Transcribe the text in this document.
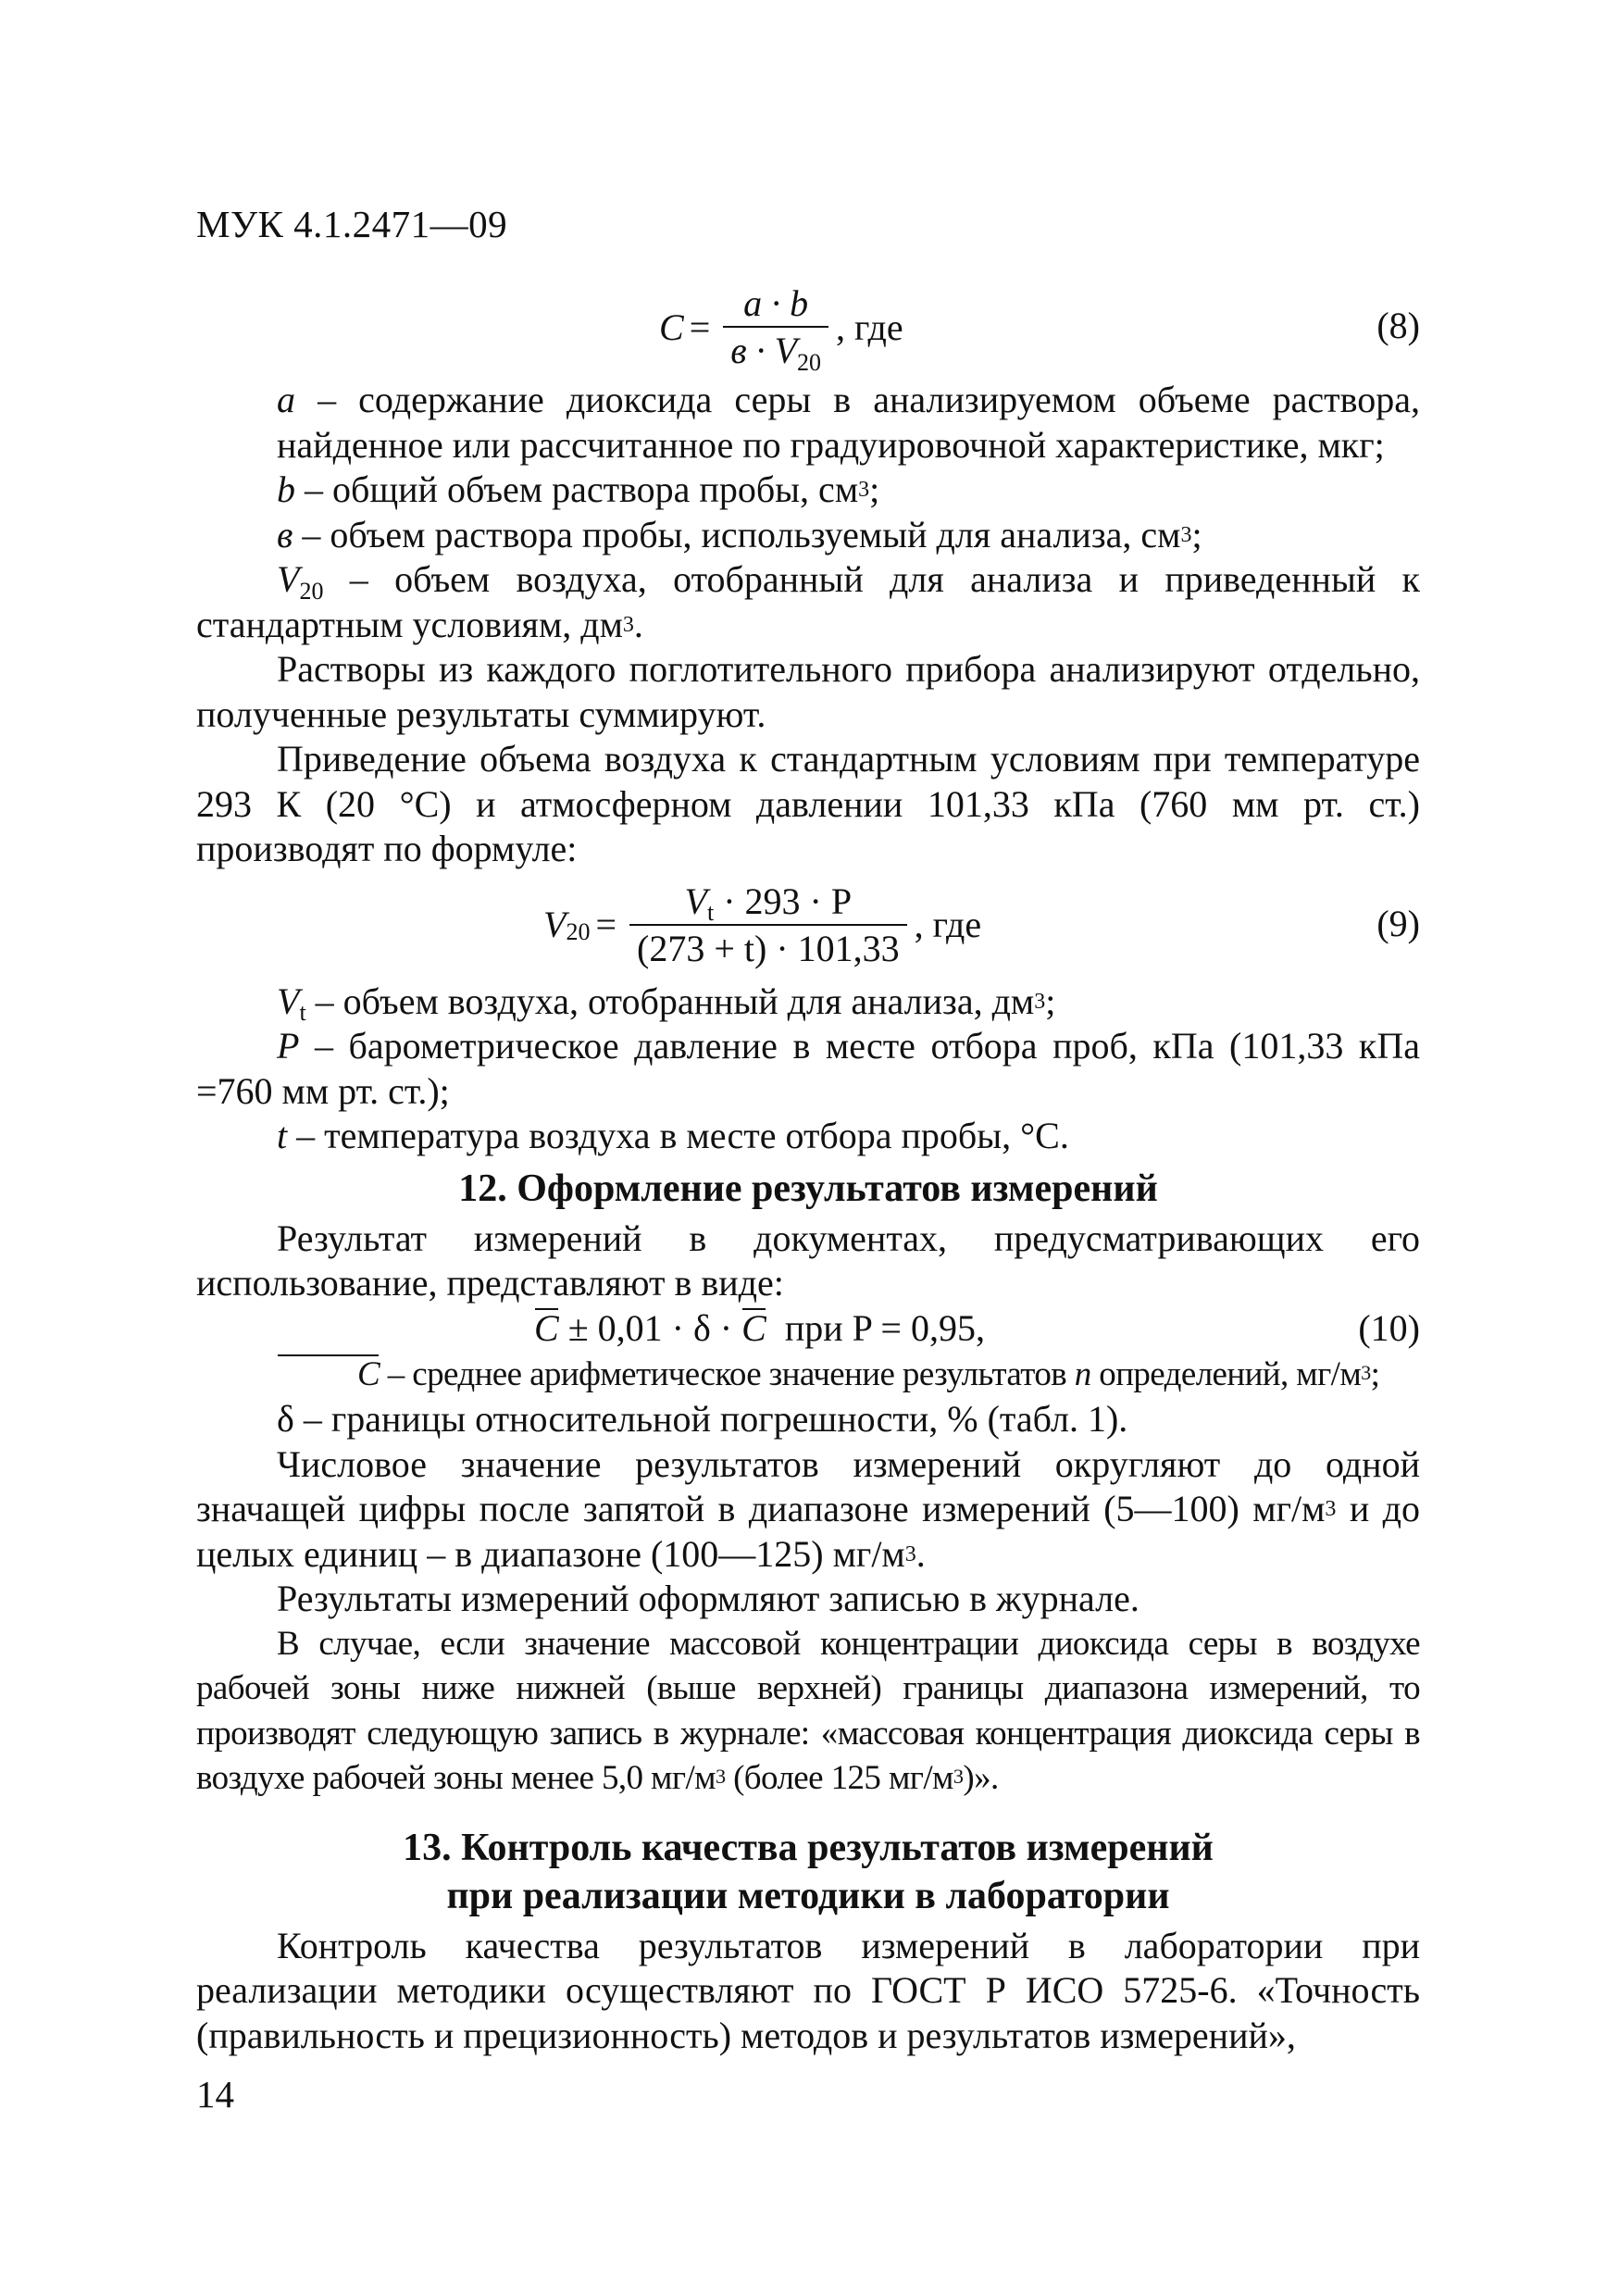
МУК 4.1.2471—09
$C = \frac{a \cdot b}{в \cdot V_{20}}$ , где	(8)

a – содержание диоксида серы в анализируемом объеме раствора, найденное или рассчитанное по градуировочной характеристике, мкг;

b – общий объем раствора пробы, $см^3$;

в – объем раствора пробы, используемый для анализа, $см^3$;

$V_{20}$ – объем воздуха, отобранный для анализа и приведенный к стандартным условиям, $дм^3$.

Растворы из каждого поглотительного прибора анализируют отдельно, полученные результаты суммируют.

Приведение объема воздуха к стандартным условиям при температуре 293 К (20 °С) и атмосферном давлении 101,33 кПа (760 мм рт. ст.) производят по формуле:

$V_{20} = \frac{V_t \cdot 293 \cdot P}{(273 + t) \cdot 101,33}$ , где	(9)

$V_t$ – объем воздуха, отобранный для анализа, $дм^3$;

P – барометрическое давление в месте отбора проб, кПа (101,33 кПа =760 мм рт. ст.);

t – температура воздуха в месте отбора пробы, °С.

12. Оформление результатов измерений

Результат измерений в документах, предусматривающих его использование, представляют в виде:

C ± 0,01 · δ · C при P = 0,95,	(10)

C – среднее арифметическое значение результатов n определений, $мг/м^3$;

δ – границы относительной погрешности, % (табл. 1).

Числовое значение результатов измерений округляют до одной значащей цифры после запятой в диапазоне измерений (5—100) $мг/м^3$ и до целых единиц – в диапазоне (100—125) $мг/м^3$.

Результаты измерений оформляют записью в журнале.

В случае, если значение массовой концентрации диоксида серы в воздухе рабочей зоны ниже нижней (выше верхней) границы диапазона измерений, то производят следующую запись в журнале: «массовая концентрация диоксида серы в воздухе рабочей зоны менее 5,0 $мг/м^3$ (более 125 $мг/м^3$)».

13. Контроль качества результатов измерений
при реализации методики в лаборатории

Контроль качества результатов измерений в лаборатории при реализации методики осуществляют по ГОСТ Р ИСО 5725-6. «Точность (правильность и прецизионность) методов и результатов измерений»,

14
